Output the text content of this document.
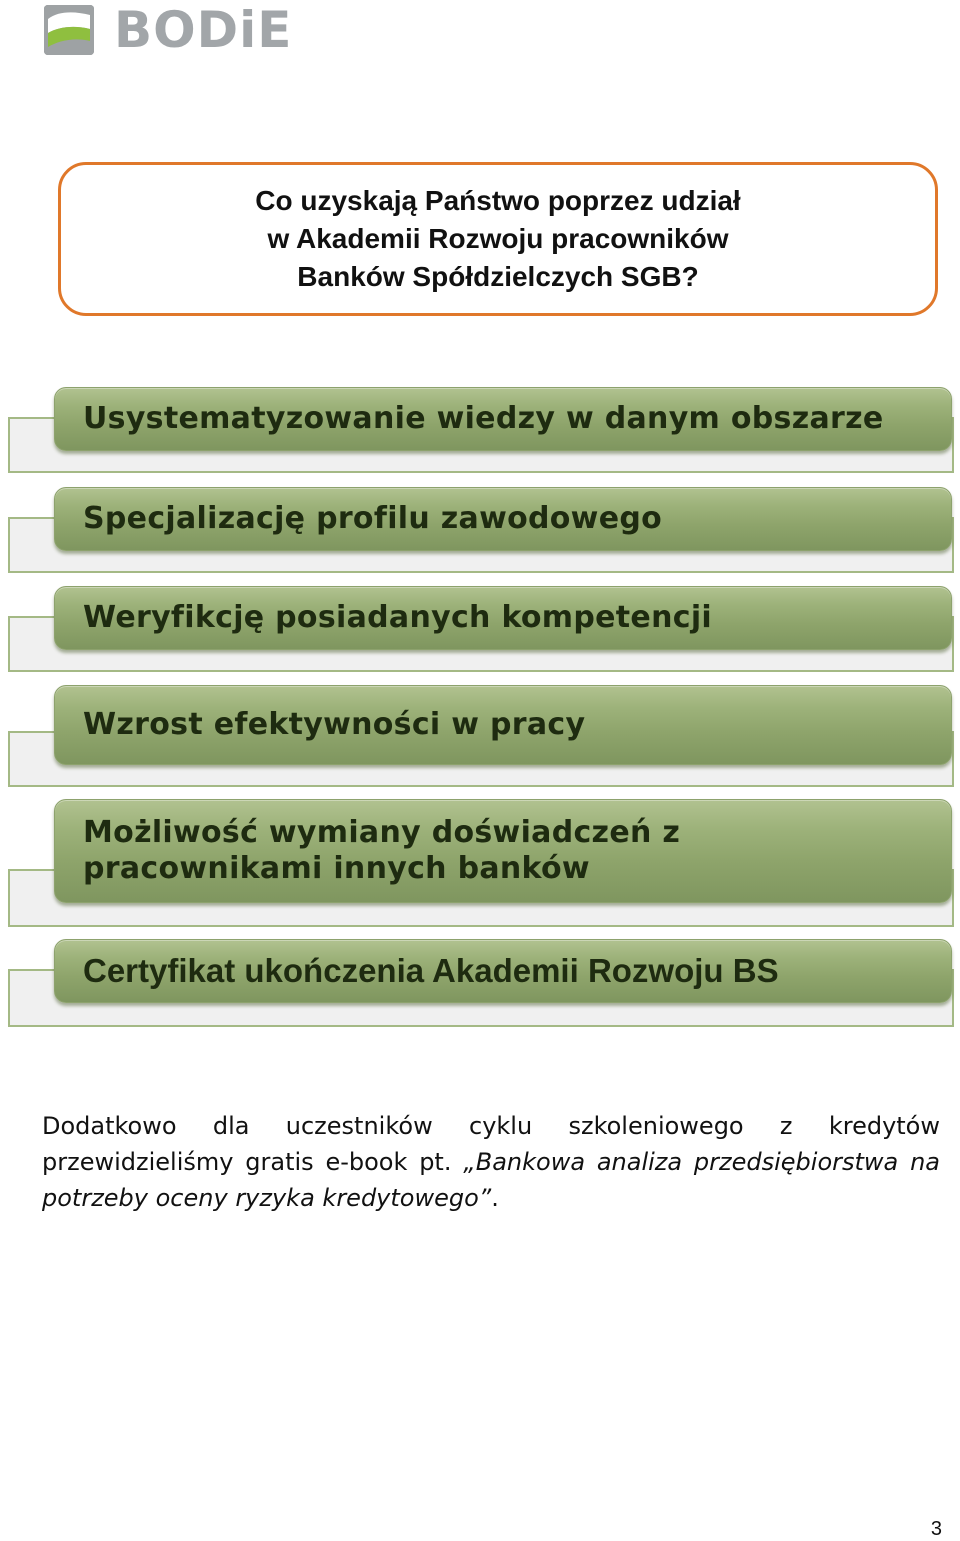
BODiE
Co uzyskają Państwo poprzez udział
w Akademii Rozwoju pracowników
Banków Spółdzielczych SGB?
Usystematyzowanie wiedzy w danym obszarze
Specjalizację profilu zawodowego
Weryfikcję posiadanych kompetencji
Wzrost efektywności w pracy
Możliwość wymiany doświadczeń z
pracownikami innych banków
Certyfikat ukończenia Akademii Rozwoju BS
Dodatkowo dla uczestników cyklu szkoleniowego z kredytów przewidzieliśmy gratis e-book pt. „Bankowa analiza przedsiębiorstwa na potrzeby oceny ryzyka kredytowego”.
3
